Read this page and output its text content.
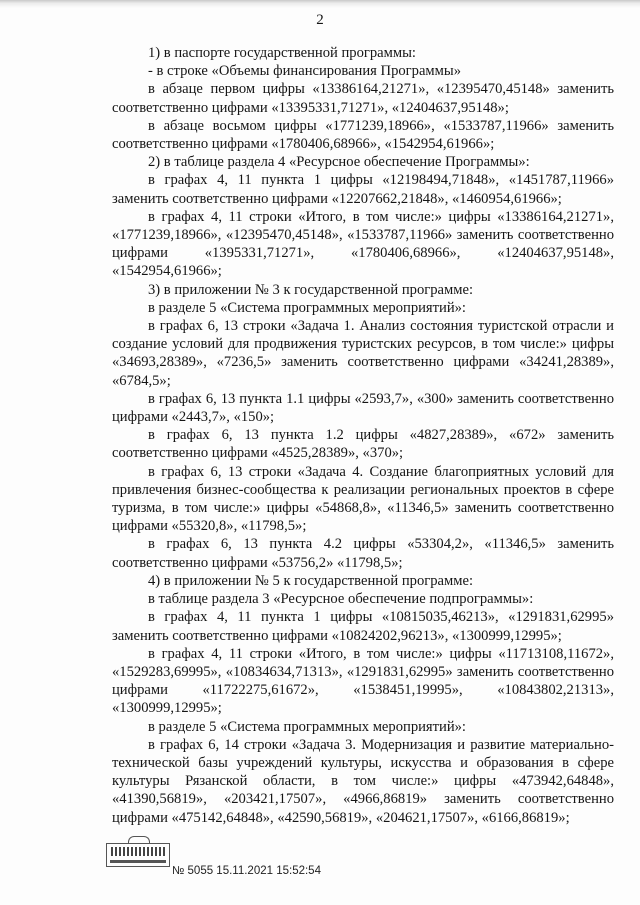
2

1) в паспорте государственной программы:

- в строке «Объемы финансирования Программы»

в абзаце первом цифры «13386164,21271», «12395470,45148» заменить соответственно цифрами «13395331,71271», «12404637,95148»;

в абзаце восьмом цифры «1771239,18966», «1533787,11966» заменить соответственно цифрами «1780406,68966», «1542954,61966»;

2) в таблице раздела 4 «Ресурсное обеспечение Программы»:

в графах 4, 11 пункта 1 цифры «12198494,71848», «1451787,11966» заменить соответственно цифрами «12207662,21848», «1460954,61966»;

в графах 4, 11 строки «Итого, в том числе:» цифры «13386164,21271», «1771239,18966», «12395470,45148», «1533787,11966» заменить соответственно цифрами «1395331,71271», «1780406,68966», «12404637,95148», «1542954,61966»;

3) в приложении № 3 к государственной программе:

в разделе 5 «Система программных мероприятий»:

в графах 6, 13 строки «Задача 1. Анализ состояния туристской отрасли и создание условий для продвижения туристских ресурсов, в том числе:» цифры «34693,28389», «7236,5» заменить соответственно цифрами «34241,28389», «6784,5»;

в графах 6, 13 пункта 1.1 цифры «2593,7», «300» заменить соответственно цифрами «2443,7», «150»;

в графах 6, 13 пункта 1.2 цифры «4827,28389», «672» заменить соответственно цифрами «4525,28389», «370»;

в графах 6, 13 строки «Задача 4. Создание благоприятных условий для привлечения бизнес-сообщества к реализации региональных проектов в сфере туризма, в том числе:» цифры «54868,8», «11346,5» заменить соответственно цифрами «55320,8», «11798,5»;

в графах 6, 13 пункта 4.2 цифры «53304,2», «11346,5» заменить соответственно цифрами «53756,2» «11798,5»;

4) в приложении № 5 к государственной программе:

в таблице раздела 3 «Ресурсное обеспечение подпрограммы»:

в графах 4, 11 пункта 1 цифры «10815035,46213», «1291831,62995» заменить соответственно цифрами «10824202,96213», «1300999,12995»;

в графах 4, 11 строки «Итого, в том числе:» цифры «11713108,11672», «1529283,69995», «10834634,71313», «1291831,62995» заменить соответственно цифрами «11722275,61672», «1538451,19995», «10843802,21313», «1300999,12995»;

в разделе 5 «Система программных мероприятий»:

в графах 6, 14 строки «Задача 3. Модернизация и развитие материально-технической базы учреждений культуры, искусства и образования в сфере культуры Рязанской области, в том числе:» цифры «473942,64848», «41390,56819», «203421,17507», «4966,86819» заменить соответственно цифрами «475142,64848», «42590,56819», «204621,17507», «6166,86819»;

№ 5055 15.11.2021 15:52:54
